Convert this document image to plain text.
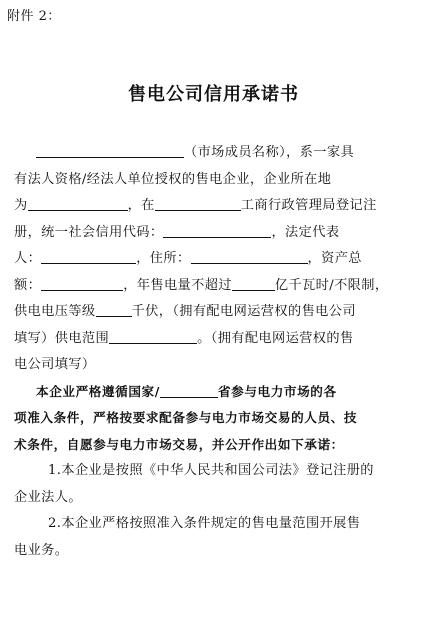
附件 2：
售电公司信用承诺书

（市场成员名称），系一家具
有法人资格/经法人单位授权的售电企业，企业所在地
为	，在	工商行政管理局登记注
册，统一社会信用代码：	，法定代表
人：	，住所：	，资产总
额：	，年售电量不超过	亿千瓦时/不限制，
供电电压等级	千伏，（拥有配电网运营权的售电公司
填写）供电范围	。（拥有配电网运营权的售
电公司填写）

本企业严格遵循国家/	省参与电力市场的各
项准入条件，严格按要求配备参与电力市场交易的人员、技
术条件，自愿参与电力市场交易，并公开作出如下承诺：

1.本企业是按照《中华人民共和国公司法》登记注册的
企业法人。

2.本企业严格按照准入条件规定的售电量范围开展售
电业务。
